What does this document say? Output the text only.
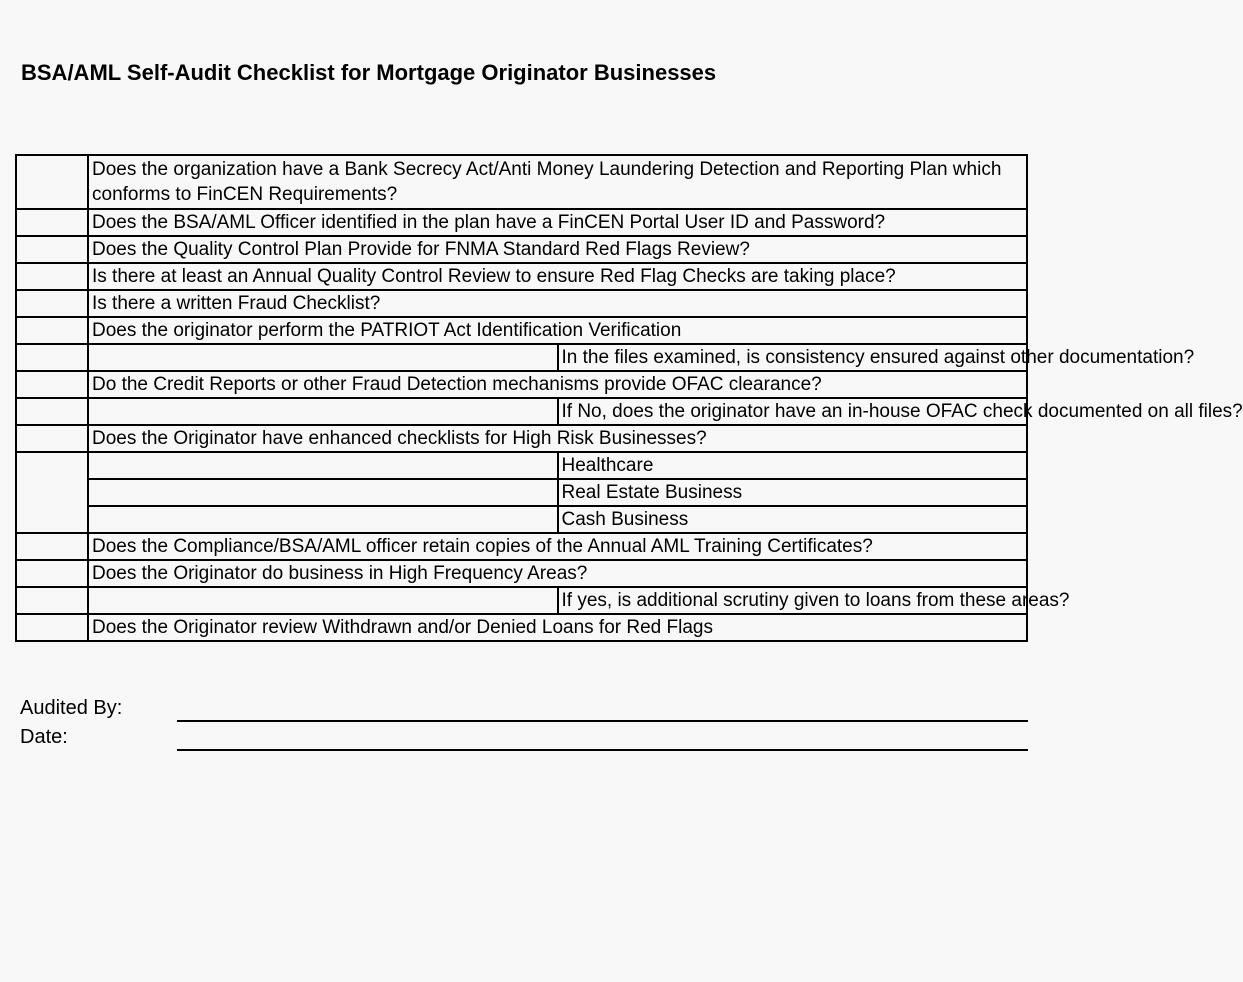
BSA/AML Self-Audit Checklist for Mortgage Originator Businesses
	Does the organization have a Bank Secrecy Act/Anti Money Laundering Detection and Reporting Plan which conforms to FinCEN Requirements?	
	Does the BSA/AML Officer identified in the plan have a FinCEN Portal User ID and Password?	
	Does the Quality Control Plan Provide for FNMA Standard Red Flags Review?	
	Is there at least an Annual Quality Control Review to ensure Red Flag Checks are taking place?	
	Is there a written Fraud Checklist?	
	Does the originator perform the PATRIOT Act Identification Verification	
		In the files examined, is consistency ensured against other documentation?
	Do the Credit Reports or other Fraud Detection mechanisms provide OFAC clearance?	
		If No, does the originator have an in-house OFAC check documented on all files?
	Does the Originator have enhanced checklists for High Risk Businesses?	
		Healthcare
		Real Estate Business
		Cash Business
	Does the Compliance/BSA/AML officer retain copies of the Annual AML Training Certificates?	
	Does the Originator do business in High Frequency Areas?	
		If yes, is additional scrutiny given to loans from these areas?
	Does the Originator review Withdrawn and/or Denied Loans for Red Flags	
Audited By:
Date:
